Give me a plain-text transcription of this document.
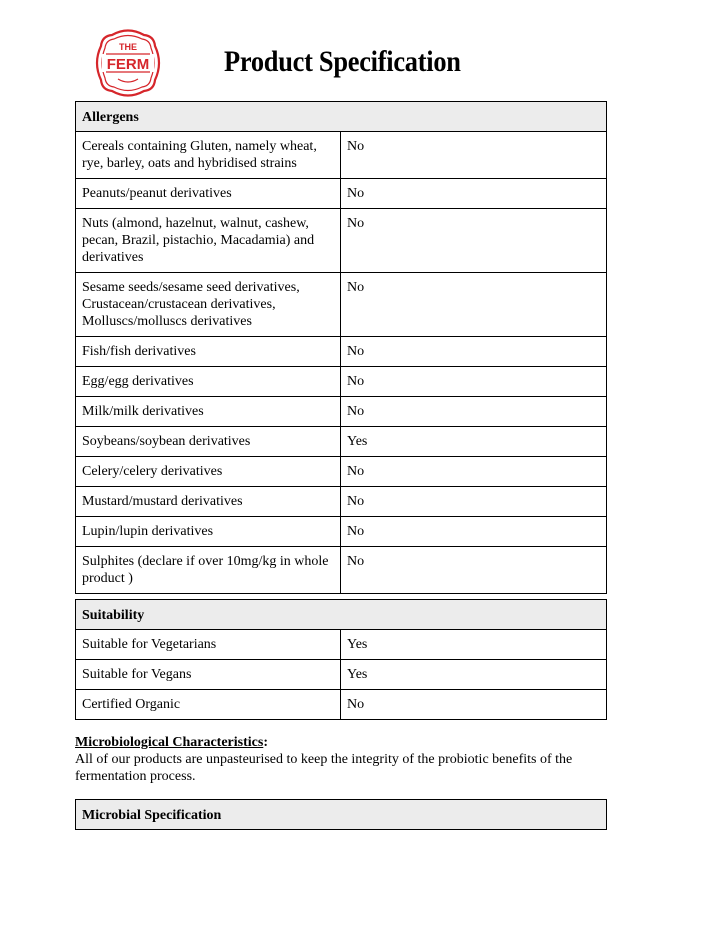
THE
FERM Product Specification
Allergens	
Cereals containing Gluten, namely wheat, rye, barley, oats and hybridised strains	No
Peanuts/peanut derivatives	No
Nuts (almond, hazelnut, walnut, cashew, pecan, Brazil, pistachio, Macadamia) and derivatives	No
Sesame seeds/sesame seed derivatives, Crustacean/crustacean derivatives, Molluscs/molluscs derivatives	No
Fish/fish derivatives	No
Egg/egg derivatives	No
Milk/milk derivatives	No
Soybeans/soybean derivatives	Yes
Celery/celery derivatives	No
Mustard/mustard derivatives	No
Lupin/lupin derivatives	No
Sulphites (declare if over 10mg/kg in whole product )	No
Suitability	
Suitable for Vegetarians	Yes
Suitable for Vegans	Yes
Certified Organic	No
Microbiological Characteristics:
All of our products are unpasteurised to keep the integrity of the probiotic benefits of the fermentation process.
Microbial Specification
